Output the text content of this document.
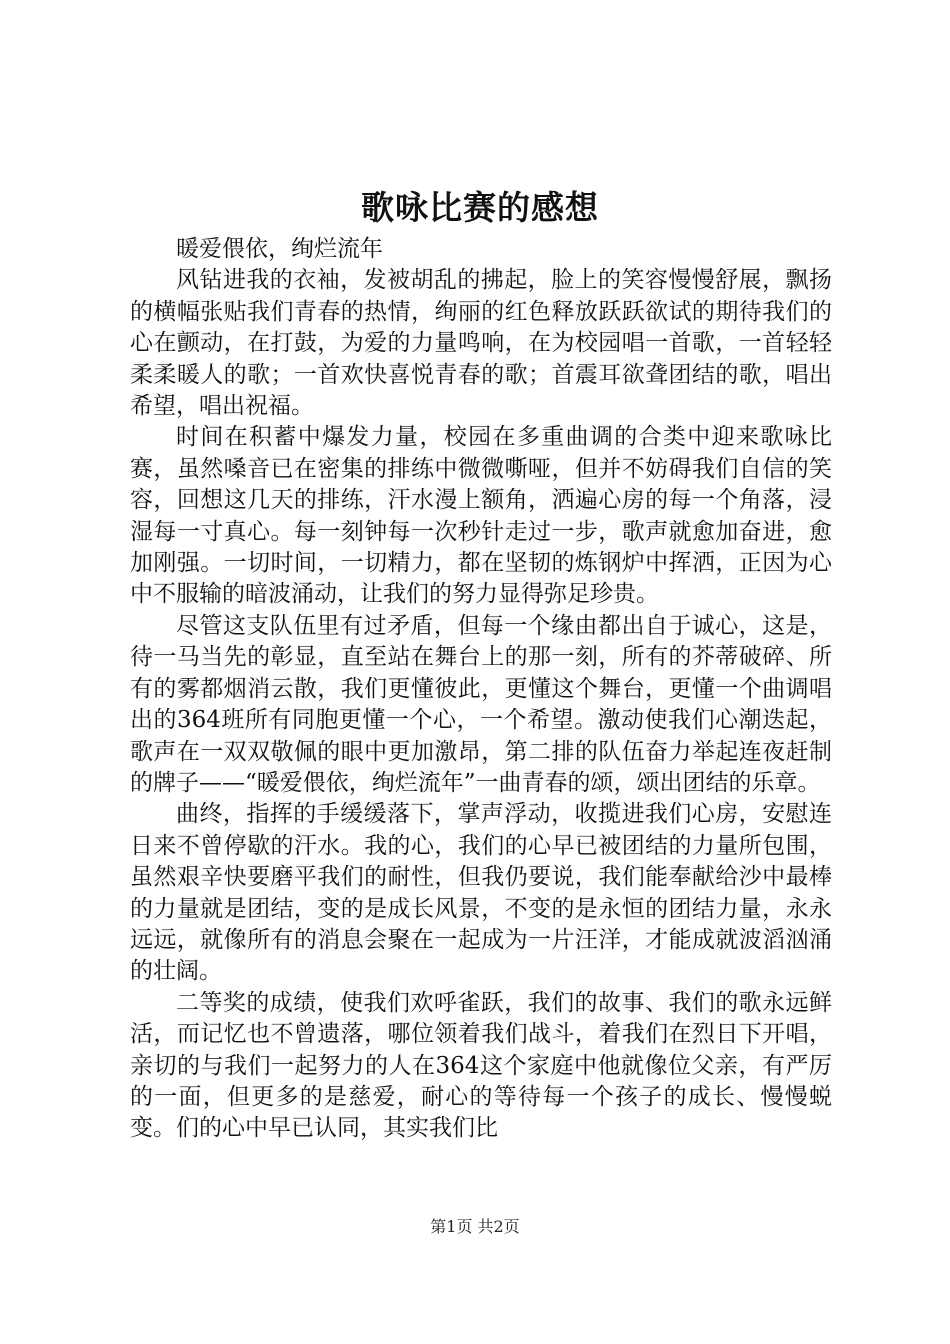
歌咏比赛的感想

暖爱偎依，绚烂流年

风钻进我的衣袖，发被胡乱的拂起，脸上的笑容慢慢舒展，飘扬的横幅张贴我们青春的热情，绚丽的红色释放跃跃欲试的期待我们的心在颤动，在打鼓，为爱的力量鸣响，在为校园唱一首歌，一首轻轻柔柔暖人的歌；一首欢快喜悦青春的歌；首震耳欲聋团结的歌，唱出希望，唱出祝福。

时间在积蓄中爆发力量，校园在多重曲调的合类中迎来歌咏比赛，虽然嗓音已在密集的排练中微微嘶哑，但并不妨碍我们自信的笑容，回想这几天的排练，汗水漫上额角，洒遍心房的每一个角落，浸湿每一寸真心。每一刻钟每一次秒针走过一步，歌声就愈加奋进，愈加刚强。一切时间，一切精力，都在坚韧的炼钢炉中挥洒，正因为心中不服输的暗波涌动，让我们的努力显得弥足珍贵。

尽管这支队伍里有过矛盾，但每一个缘由都出自于诚心，这是，待一马当先的彰显，直至站在舞台上的那一刻，所有的芥蒂破碎、所有的雾都烟消云散，我们更懂彼此，更懂这个舞台，更懂一个曲调唱出的364班所有同胞更懂一个心，一个希望。激动使我们心潮迭起，歌声在一双双敬佩的眼中更加激昂，第二排的队伍奋力举起连夜赶制的牌子——“暖爱偎依，绚烂流年”一曲青春的颂，颂出团结的乐章。

曲终，指挥的手缓缓落下，掌声浮动，收揽进我们心房，安慰连日来不曾停歇的汗水。我的心，我们的心早已被团结的力量所包围，虽然艰辛快要磨平我们的耐性，但我仍要说，我们能奉献给沙中最棒的力量就是团结，变的是成长风景，不变的是永恒的团结力量，永永远远，就像所有的消息会聚在一起成为一片汪洋，才能成就波滔汹涌的壮阔。

二等奖的成绩，使我们欢呼雀跃，我们的故事、我们的歌永远鲜活，而记忆也不曾遗落，哪位领着我们战斗，着我们在烈日下开唱，亲切的与我们一起努力的人在364这个家庭中他就像位父亲，有严厉的一面，但更多的是慈爱，耐心的等待每一个孩子的成长、慢慢蜕变。们的心中早已认同，其实我们比

第1页 共2页
